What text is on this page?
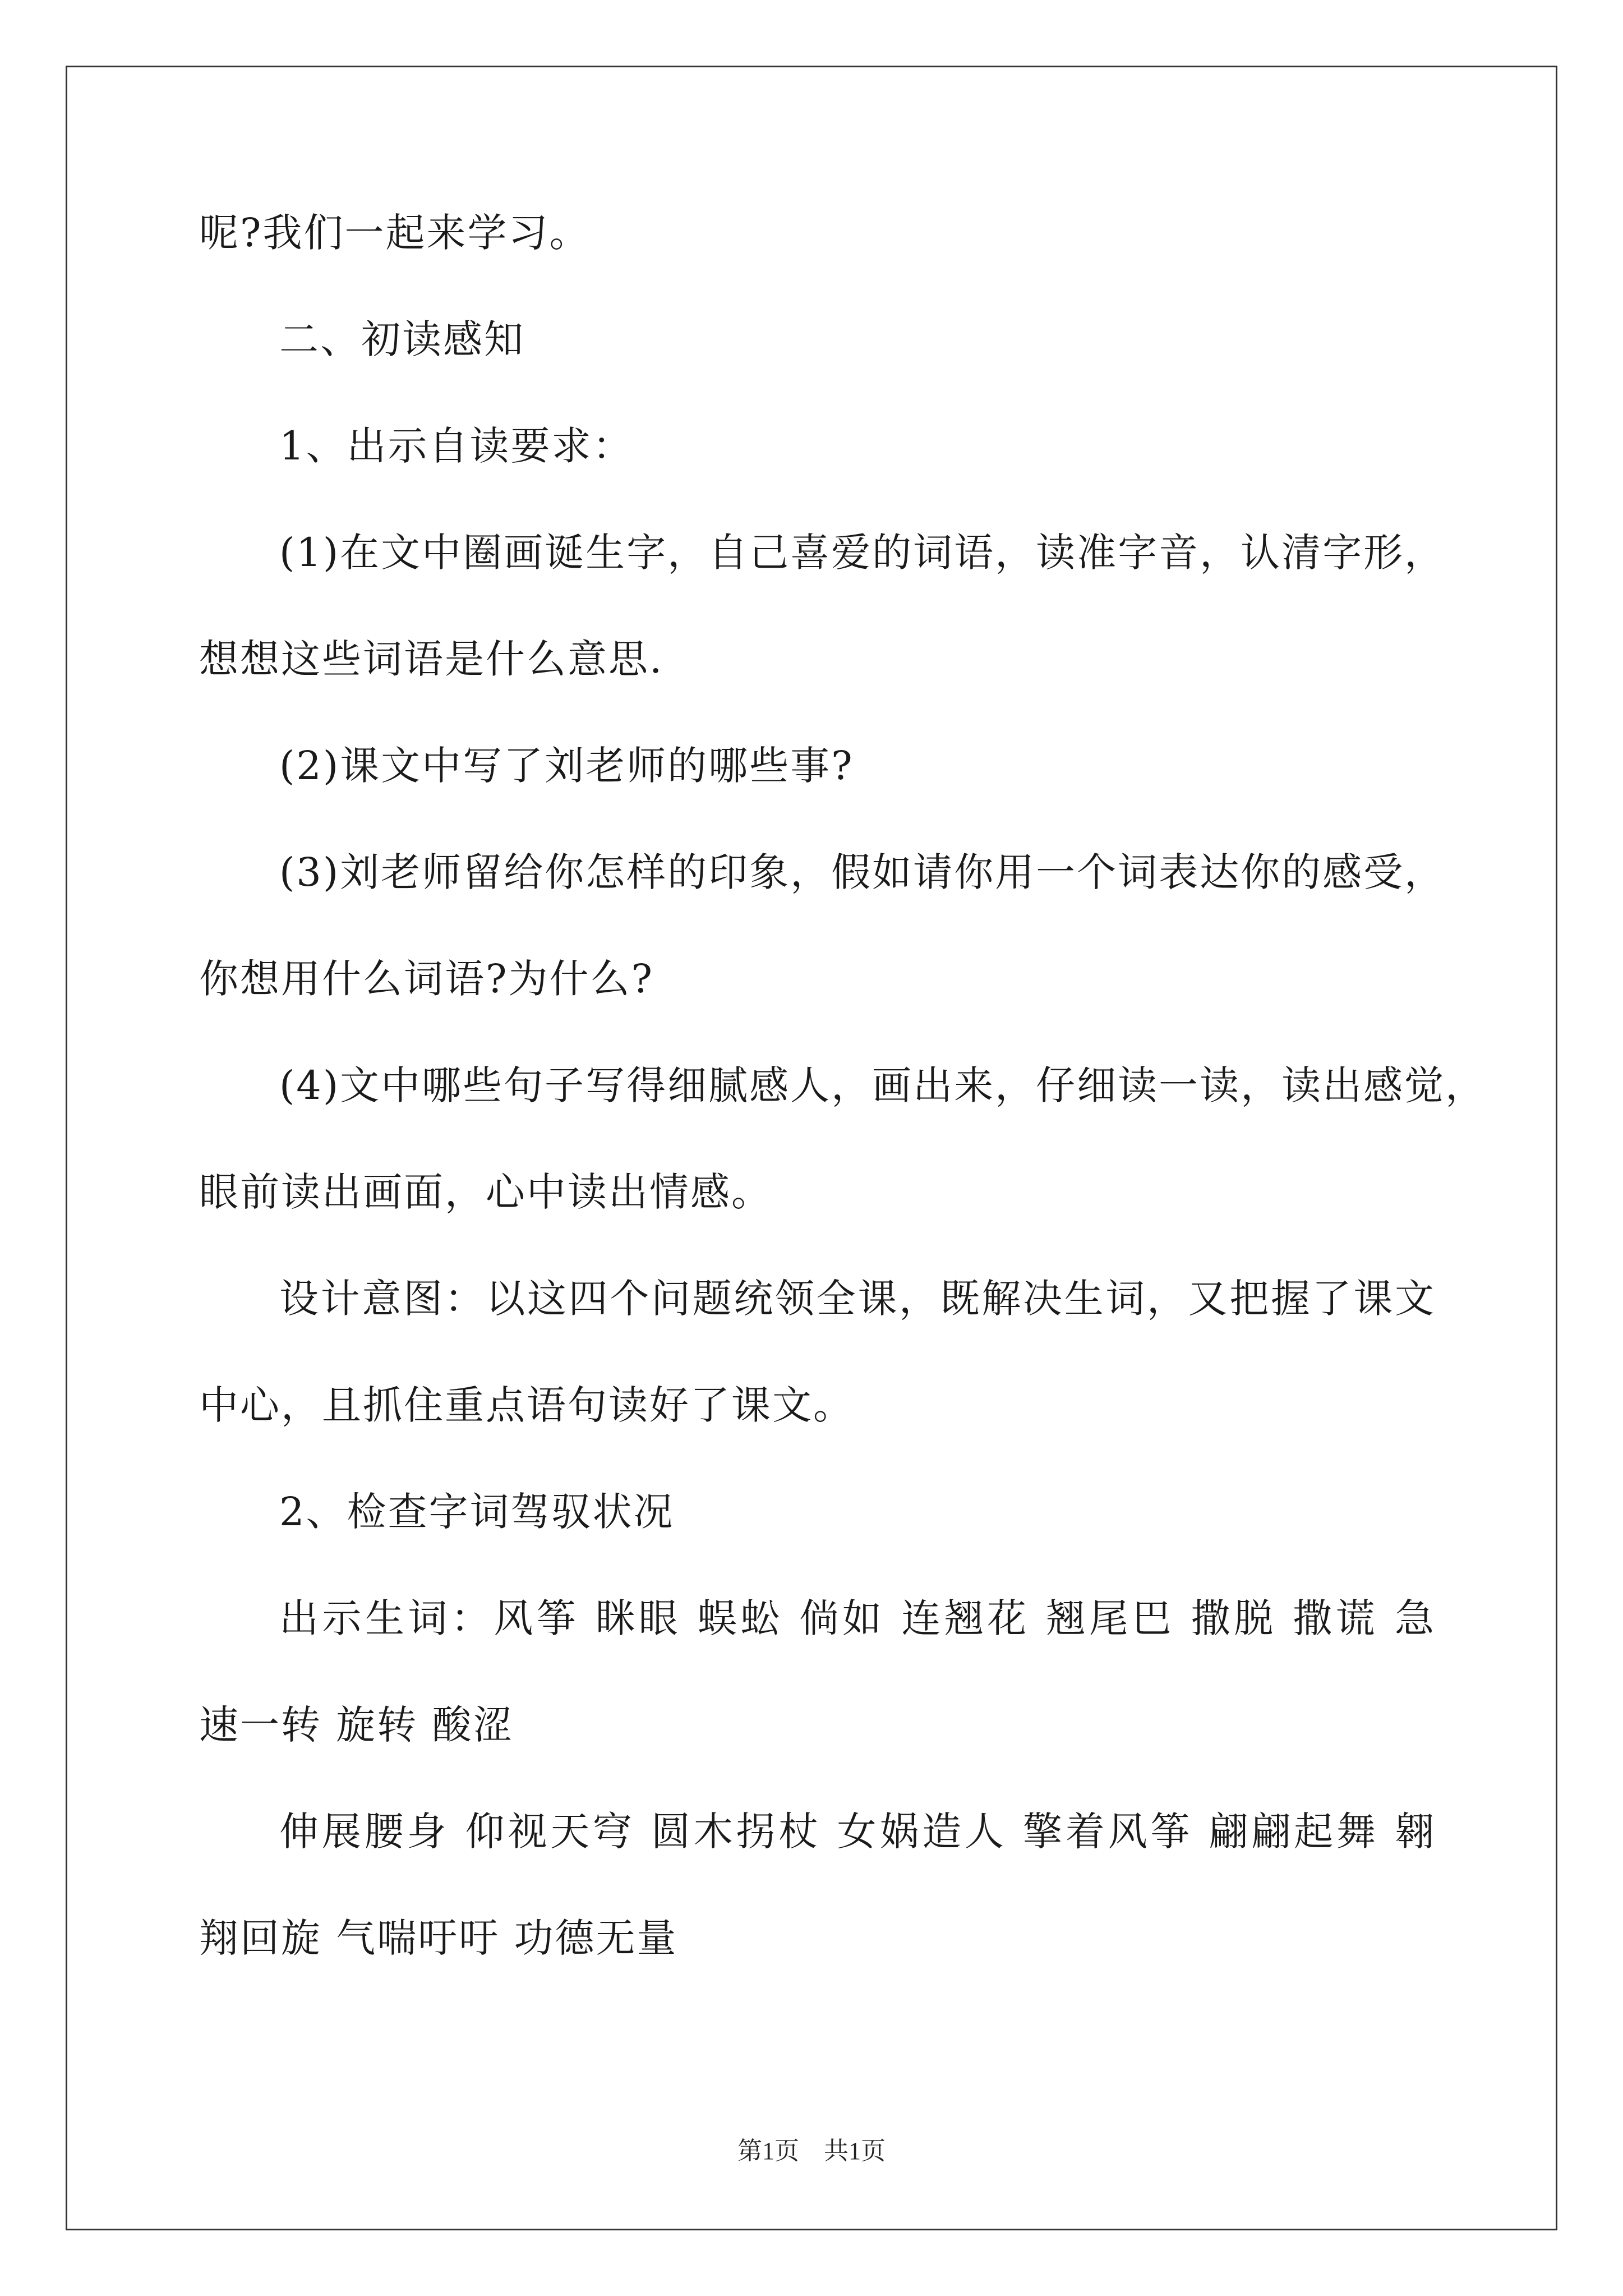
呢?我们一起来学习。
二、初读感知
1、出示自读要求：
(1)在文中圈画诞生字，自己喜爱的词语，读准字音，认清字形，
想想这些词语是什么意思.
(2)课文中写了刘老师的哪些事?
(3)刘老师留给你怎样的印象，假如请你用一个词表达你的感受，
你想用什么词语?为什么?
(4)文中哪些句子写得细腻感人，画出来，仔细读一读，读出感觉，
眼前读出画面，心中读出情感。
设计意图：以这四个问题统领全课，既解决生词，又把握了课文
中心，且抓住重点语句读好了课文。
2、检查字词驾驭状况
出示生词：风筝 眯眼 蜈蚣 倘如 连翘花 翘尾巴 撒脱 撒谎 急
速一转 旋转 酸涩
伸展腰身 仰视天穹 圆木拐杖 女娲造人 擎着风筝 翩翩起舞 翱
翔回旋 气喘吁吁 功德无量
第1页　共1页
